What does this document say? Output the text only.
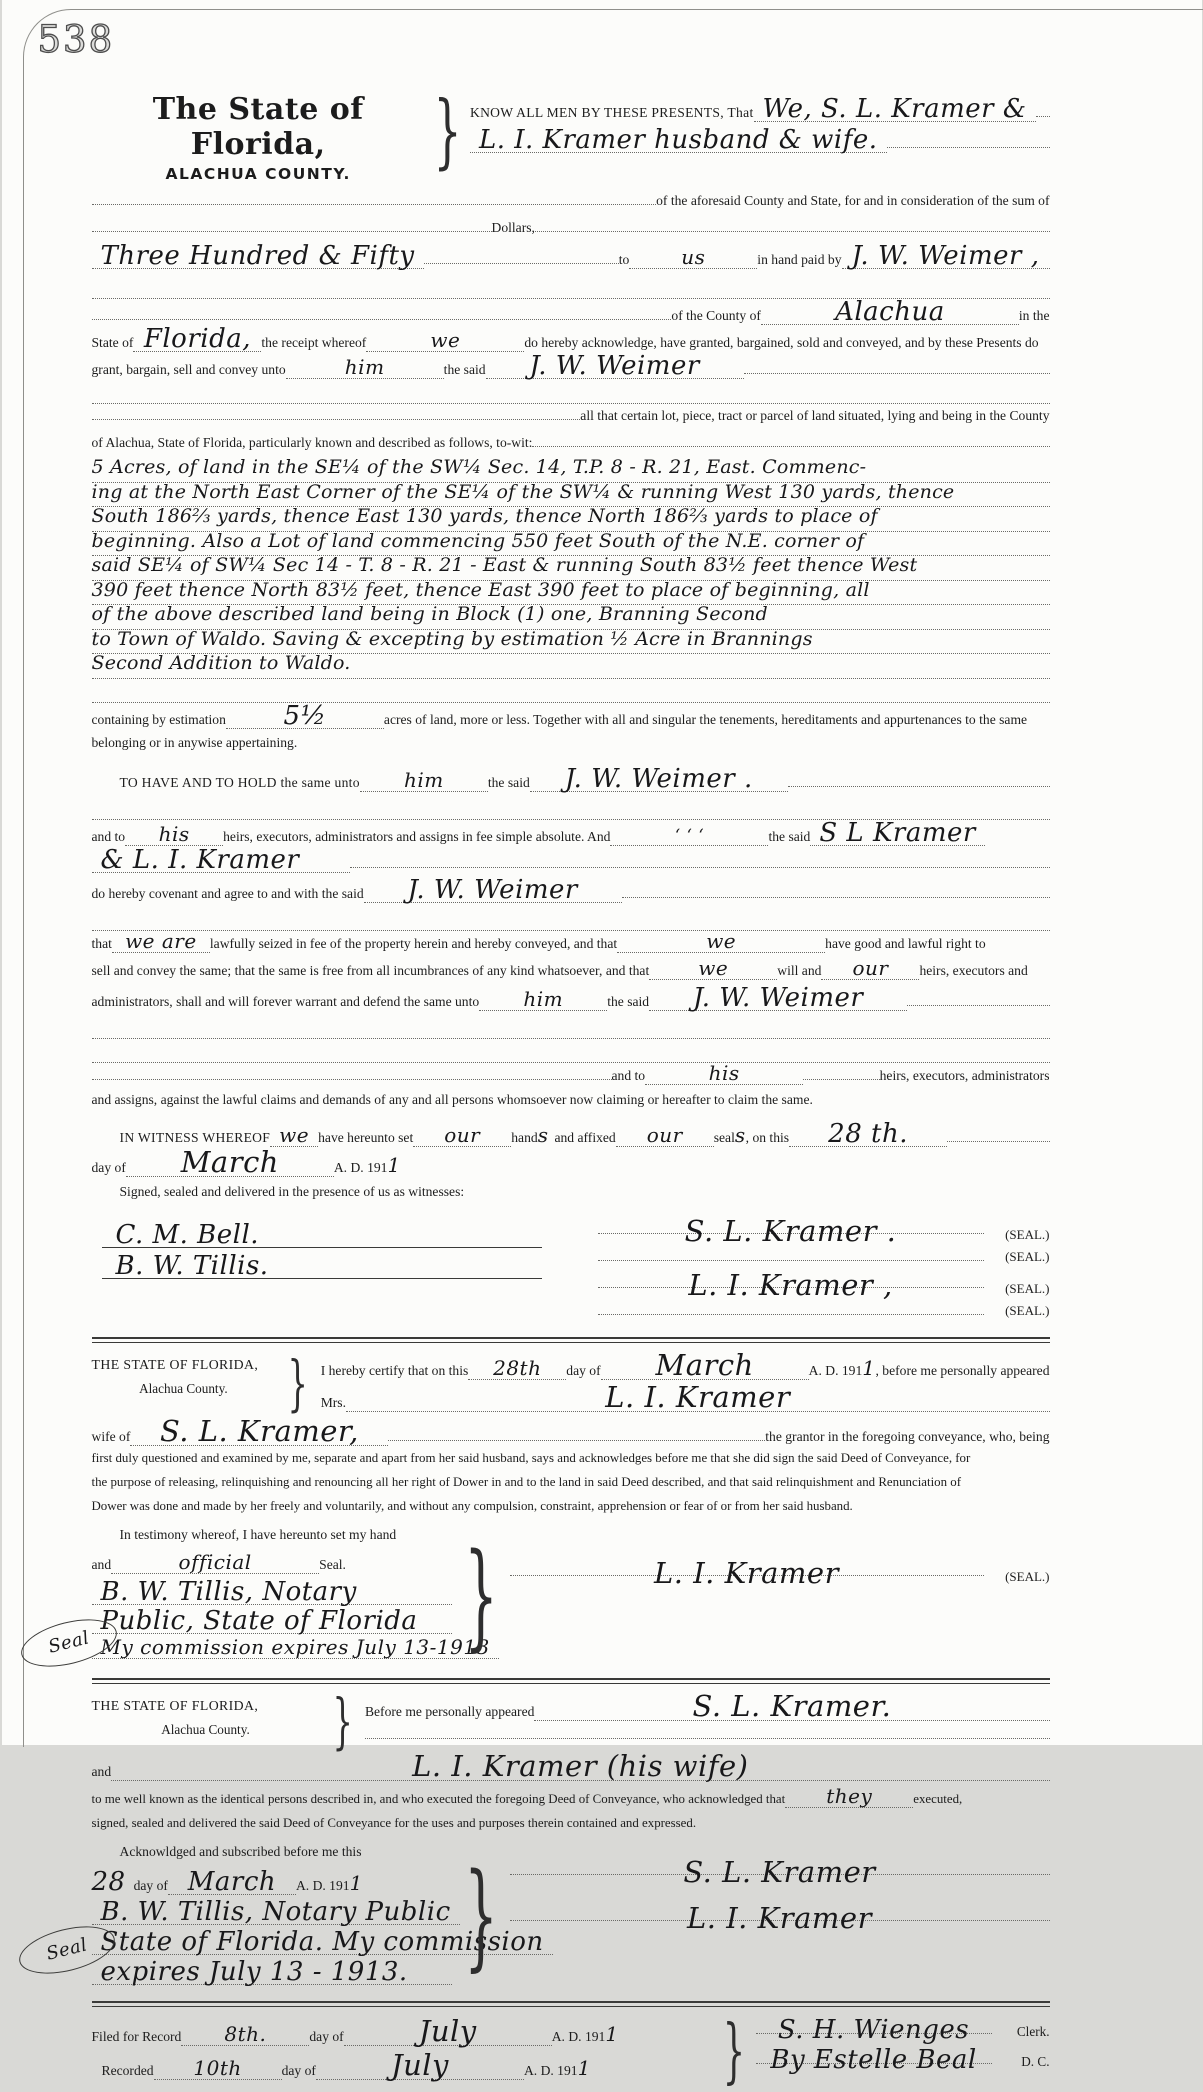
538
The State of Florida,
ALACHUA COUNTY.	} KNOW ALL MEN BY THESE PRESENTS, That We, S. L. Kramer &
L. I. Kramer husband & wife.
of the aforesaid County and State, for and in consideration of the sum of
Dollars,
Three Hundred & Fifty	to	us	in hand paid by J. W. Weimer ,
of the County of	Alachua	in the
State of Florida, the receipt whereof	we	do hereby acknowledge, have granted, bargained, sold and conveyed, and by these Presents do
grant, bargain, sell and convey unto	him	the said	J. W. Weimer
all that certain lot, piece, tract or parcel of land situated, lying and being in the County
of Alachua, State of Florida, particularly known and described as follows, to-wit:
5 Acres, of land in the SE¼ of the SW¼ Sec. 14, T.P. 8 - R. 21, East. Commenc-
ing at the North East Corner of the SE¼ of the SW¼ & running West 130 yards, thence
South 186⅔ yards, thence East 130 yards, thence North 186⅔ yards to place of
beginning. Also a Lot of land commencing 550 feet South of the N.E. corner of
said SE¼ of SW¼ Sec 14 - T. 8 - R. 21 - East & running South 83½ feet thence West
390 feet thence North 83½ feet, thence East 390 feet to place of beginning, all
of the above described land being in Block (1) one, Branning Second
to Town of Waldo. Saving & excepting by estimation ½ Acre in Brannings
Second Addition to Waldo.
containing by estimation	5½	acres of land, more or less. Together with all and singular the tenements, hereditaments and appurtenances to the same
belonging or in anywise appertaining.
TO HAVE AND TO HOLD the same unto	him	the said	J. W. Weimer .
and to	his	heirs, executors, administrators and assigns in fee simple absolute. And	‘ ‘ ‘	the said S L Kramer
& L. I. Kramer
do hereby covenant and agree to and with the said	J. W. Weimer
that we are lawfully seized in fee of the property herein and hereby conveyed, and that	we	have good and lawful right to
sell and convey the same; that the same is free from all incumbrances of any kind whatsoever, and that	we	will and	our	heirs, executors and
administrators, shall and will forever warrant and defend the same unto	him	the said	J. W. Weimer
and to	his	heirs, executors, administrators
and assigns, against the lawful claims and demands of any and all persons whomsoever now claiming or hereafter to claim the same.
IN WITNESS WHEREOF we have hereunto set	our	hand s and affixed	our	seal s , on this	28 th.
day of	March	A. D. 191 1
Signed, sealed and delivered in the presence of us as witnesses:
C. M. Bell.
B. W. Tillis.
S. L. Kramer .	(SEAL.)
(SEAL.)
L. I. Kramer ,	(SEAL.)
(SEAL.)
THE STATE OF FLORIDA,
Alachua County.	} I hereby certify that on this	28th	day of	March	A. D. 191 1 , before me personally appeared
Mrs.	L. I. Kramer
wife of	S. L. Kramer,	the grantor in the foregoing conveyance, who, being
first duly questioned and examined by me, separate and apart from her said husband, says and acknowledges before me that she did sign the said Deed of Conveyance, for
the purpose of releasing, relinquishing and renouncing all her right of Dower in and to the land in said Deed described, and that said relinquishment and Renunciation of
Dower was done and made by her freely and voluntarily, and without any compulsion, constraint, apprehension or fear of or from her said husband.
In testimony whereof, I have hereunto set my hand
and	official	Seal.
B. W. Tillis, Notary
Public, State of Florida
My commission expires July 13-1913
}	L. I. Kramer	(SEAL.)
Seal
THE STATE OF FLORIDA,
Alachua County.	} Before me personally appeared	S. L. Kramer.
and	L. I. Kramer (his wife)
to me well known as the identical persons described in, and who executed the foregoing Deed of Conveyance, who acknowledged that	they	executed,
signed, sealed and delivered the said Deed of Conveyance for the uses and purposes therein contained and expressed.
Acknowldged and subscribed before me this
28 day of March	A. D. 191 1
B. W. Tillis, Notary Public
State of Florida. My commission
expires July 13 - 1913. }	S. L. Kramer
L. I. Kramer
Seal
Filed for Record	8th.	day of	July	A. D. 191 1
Recorded	10th	day of	July	A. D. 191 1	}	S. H. Wienges	Clerk.
By Estelle Beal	D. C.
